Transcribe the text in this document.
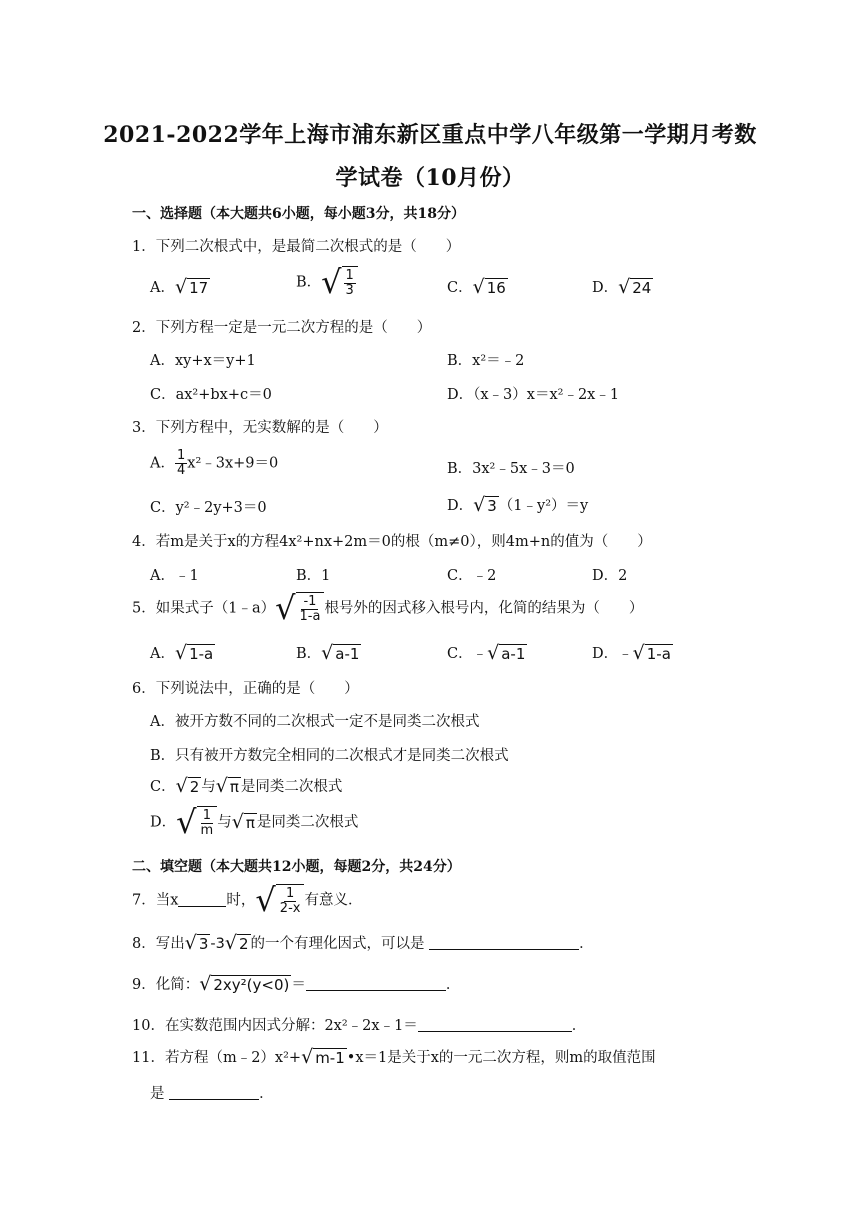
2021-2022学年上海市浦东新区重点中学八年级第一学期月考数
学试卷（10月份）
一、选择题（本大题共6小题，每小题3分，共18分）
1．下列二次根式中，是最简二次根式的是（　　）
A． √ 17	B． √ $\frac{1}{3}$	C． √ 16	D． √ 24
2．下列方程一定是一元二次方程的是（　　）
A．xy+x＝y+1	B．x²＝﹣2
C．ax²+bx+c＝0	D．（x﹣3）x＝x²﹣2x﹣1
3．下列方程中，无实数解的是（　　）
A． $\frac{1}{4}$ x²﹣3x+9＝0	B．3x²﹣5x﹣3＝0
C．y²﹣2y+3＝0	D． √ 3 （1﹣y²）＝y
4．若m是关于x的方程4x²+nx+2m＝0的根（m≠0），则4m+n的值为（　　）
A．﹣1	B．1	C．﹣2	D．2
5．如果式子（1﹣a） √ $\frac{-1}{1-a}$ 根号外的因式移入根号内，化简的结果为（　　）
A． √ 1-a	B． √ a-1	C．﹣ √ a-1	D．﹣ √ 1-a
6．下列说法中，正确的是（　　）
A．被开方数不同的二次根式一定不是同类二次根式
B．只有被开方数完全相同的二次根式才是同类二次根式
C． √ 2 与 √ π 是同类二次根式
D． √ $\frac{1}{m}$ 与 √ π 是同类二次根式
二、填空题（本大题共12小题，每题2分，共24分）
7．当x	时， √ $\frac{1}{2-x}$ 有意义．
8．写出 √ 3 -3 √ 2 的一个有理化因式，可以是	．
9．化简： √ 2xy²(y<0) ＝	．
10．在实数范围内因式分解：2x²﹣2x﹣1＝	．
11．若方程（m﹣2）x²+ √ m-1 •x＝1是关于x的一元二次方程，则m的取值范围
是	．
